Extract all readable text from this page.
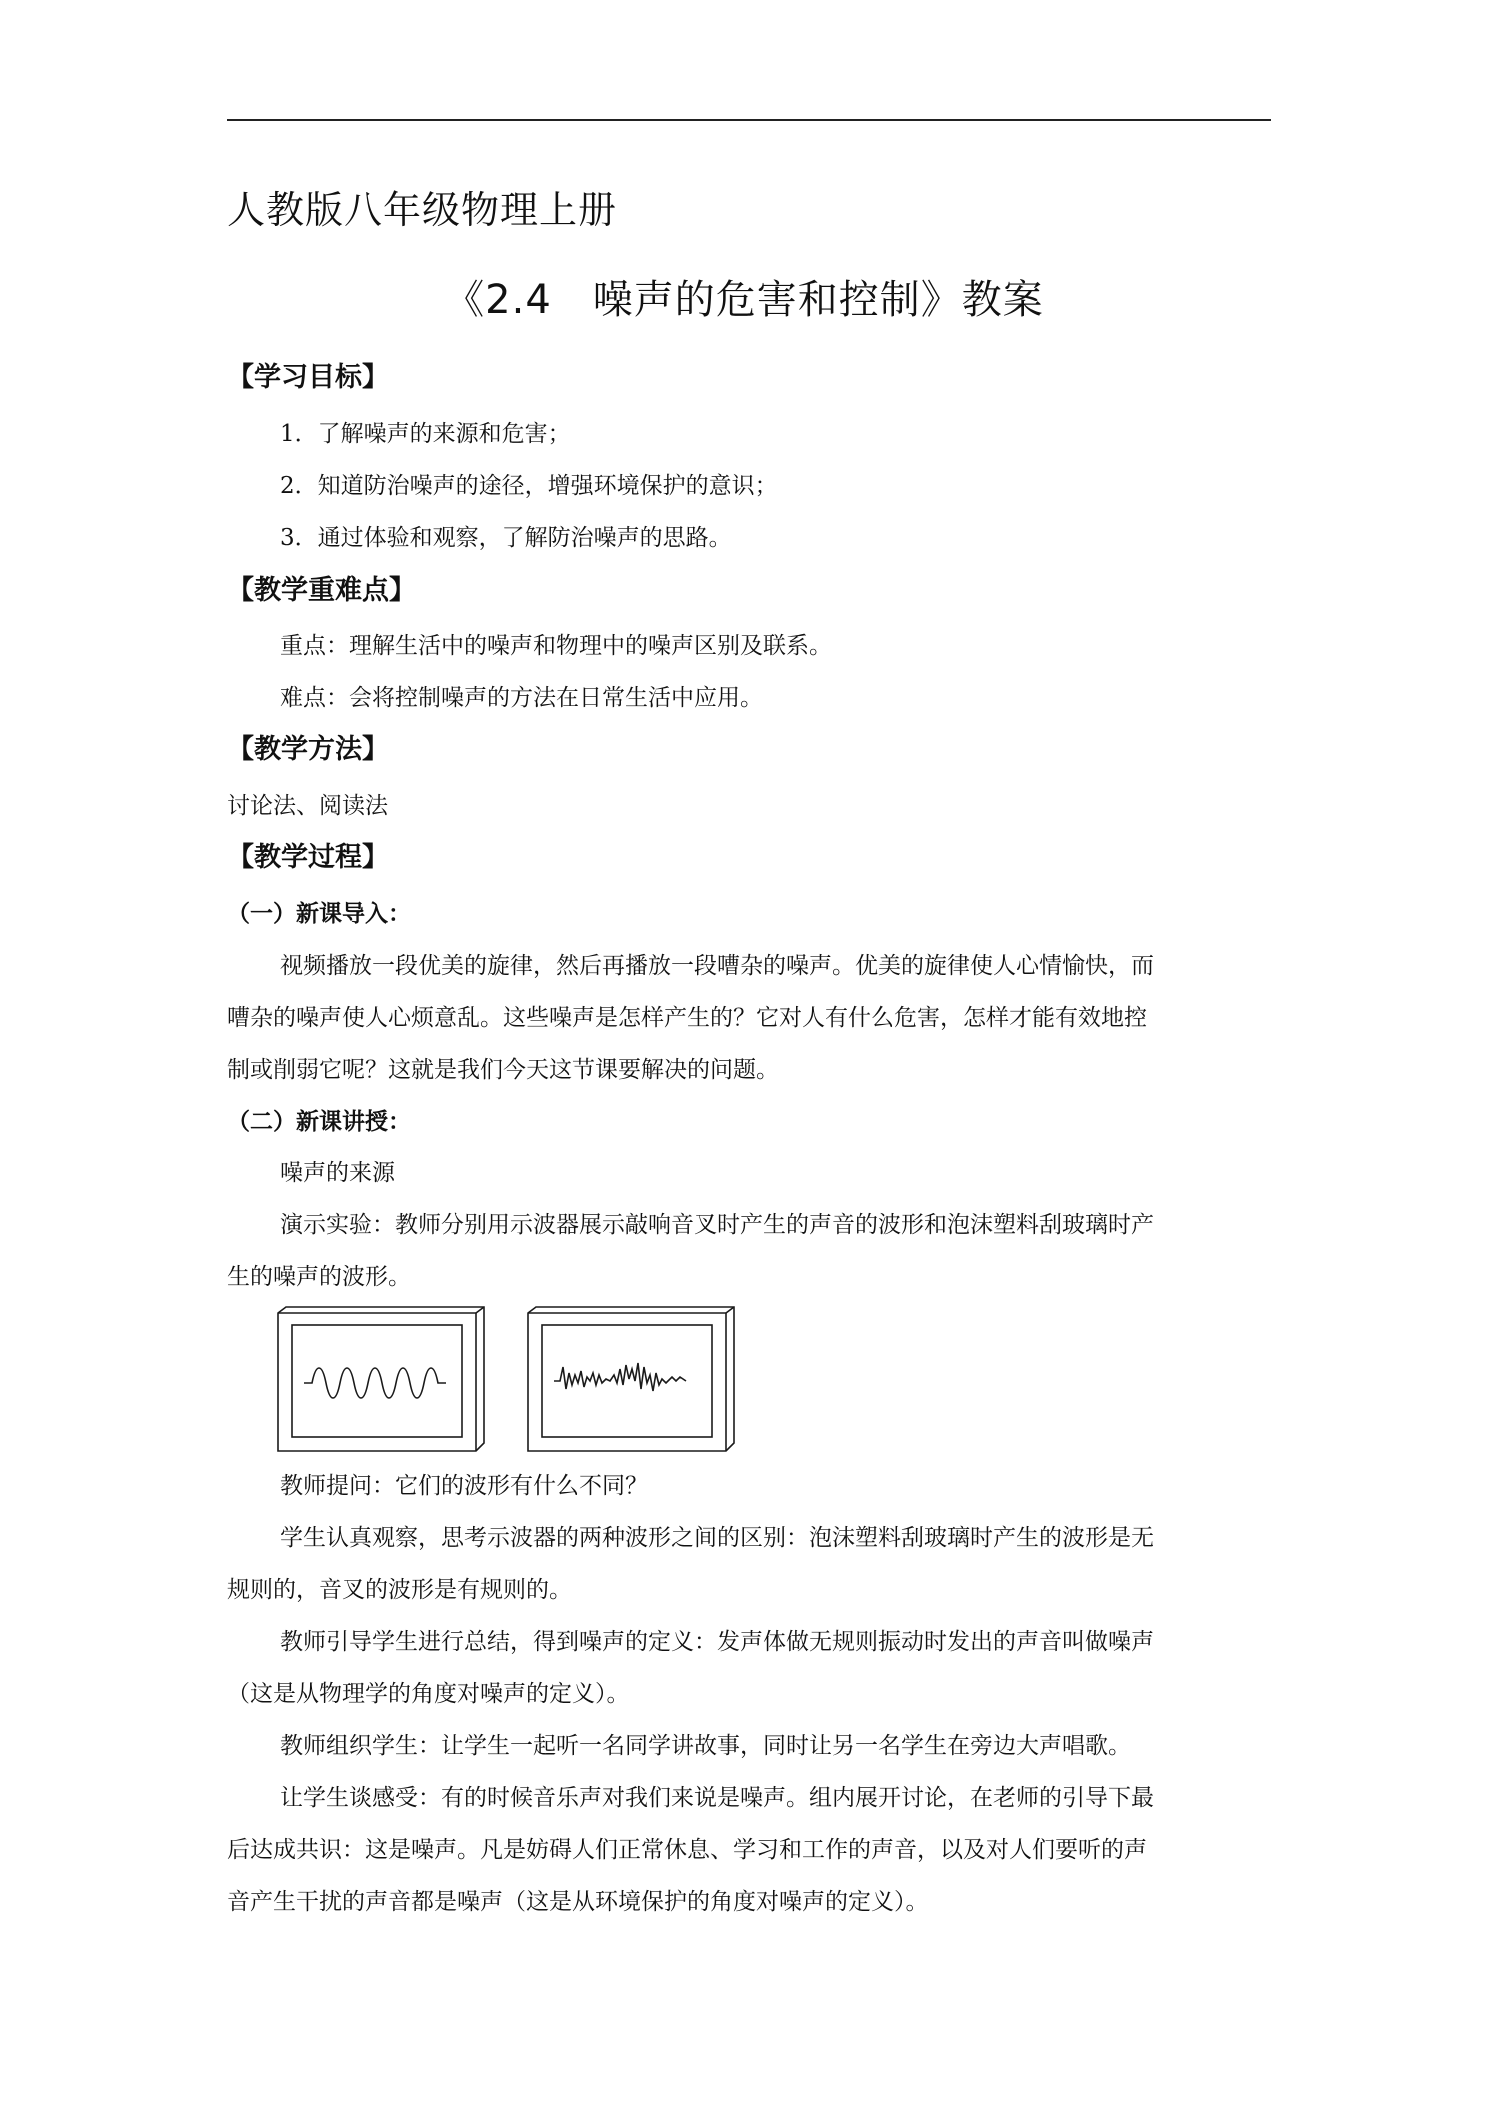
人教版八年级物理上册
《2.4　噪声的危害和控制》教案
【学习目标】
1．了解噪声的来源和危害；
2．知道防治噪声的途径，增强环境保护的意识；
3．通过体验和观察，了解防治噪声的思路。
【教学重难点】
重点：理解生活中的噪声和物理中的噪声区别及联系。
难点：会将控制噪声的方法在日常生活中应用。
【教学方法】
讨论法、阅读法
【教学过程】
（一）新课导入：
视频播放一段优美的旋律，然后再播放一段嘈杂的噪声。优美的旋律使人心情愉快，而
嘈杂的噪声使人心烦意乱。这些噪声是怎样产生的？它对人有什么危害，怎样才能有效地控
制或削弱它呢？这就是我们今天这节课要解决的问题。
（二）新课讲授：
噪声的来源
演示实验：教师分别用示波器展示敲响音叉时产生的声音的波形和泡沫塑料刮玻璃时产
生的噪声的波形。
教师提问：它们的波形有什么不同？
学生认真观察，思考示波器的两种波形之间的区别：泡沫塑料刮玻璃时产生的波形是无
规则的，音叉的波形是有规则的。
教师引导学生进行总结，得到噪声的定义：发声体做无规则振动时发出的声音叫做噪声
（这是从物理学的角度对噪声的定义）。
教师组织学生：让学生一起听一名同学讲故事，同时让另一名学生在旁边大声唱歌。
让学生谈感受：有的时候音乐声对我们来说是噪声。组内展开讨论，在老师的引导下最
后达成共识：这是噪声。凡是妨碍人们正常休息、学习和工作的声音，以及对人们要听的声
音产生干扰的声音都是噪声（这是从环境保护的角度对噪声的定义）。
